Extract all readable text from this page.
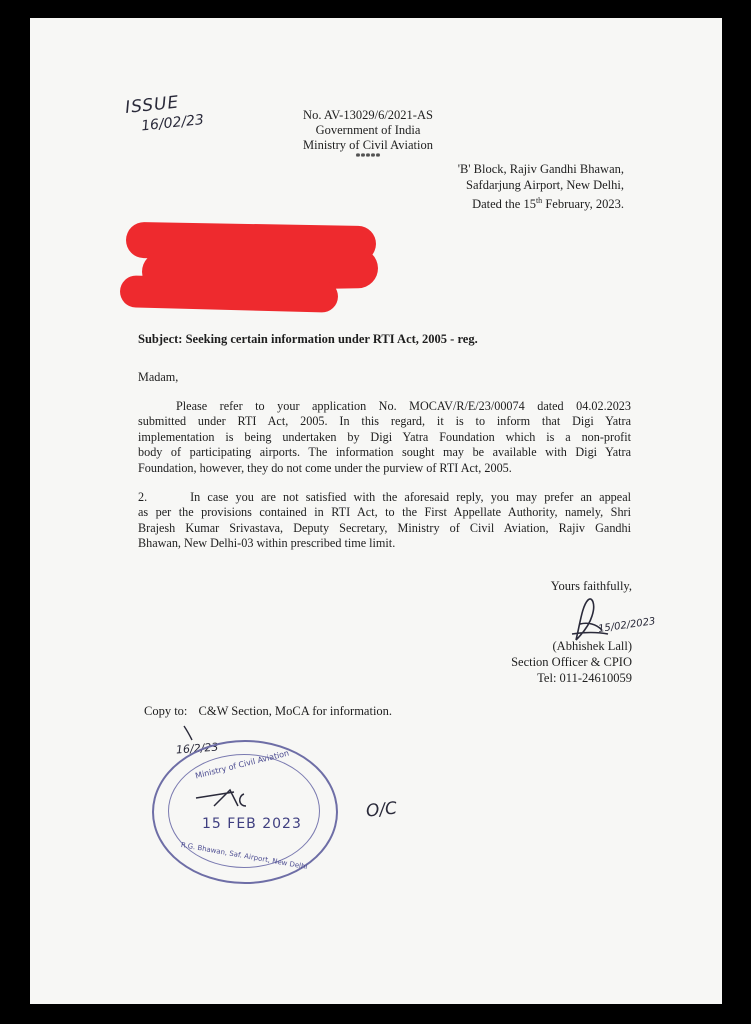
ISSUE
16/02/23	No. AV-13029/6/2021-AS
Government of India
Ministry of Civil Aviation
*****
'B' Block, Rajiv Gandhi Bhawan,
Safdarjung Airport, New Delhi,
Dated the 15th February, 2023.
Subject: Seeking certain information under RTI Act, 2005 - reg.
Madam,
Please refer to your application No. MOCAV/R/E/23/00074 dated 04.02.2023
submitted under RTI Act, 2005. In this regard, it is to inform that Digi Yatra
implementation is being undertaken by Digi Yatra Foundation which is a non-profit
body of participating airports. The information sought may be available with Digi Yatra
Foundation, however, they do not come under the purview of RTI Act, 2005.
2.      In case you are not satisfied with the aforesaid reply, you may prefer an appeal
as per the provisions contained in RTI Act, to the First Appellate Authority, namely, Shri
Brajesh Kumar Srivastava, Deputy Secretary, Ministry of Civil Aviation, Rajiv Gandhi
Bhawan, New Delhi-03 within prescribed time limit.
Yours faithfully,
15/02/2023
(Abhishek Lall)
Section Officer & CPIO
Tel: 011-24610059
Copy to: C&W Section, MoCA for information.
16/2/23
Ministry of Civil Aviation
15 FEB 2023
R.G. Bhawan, Saf. Airport, New Delhi
O/C
